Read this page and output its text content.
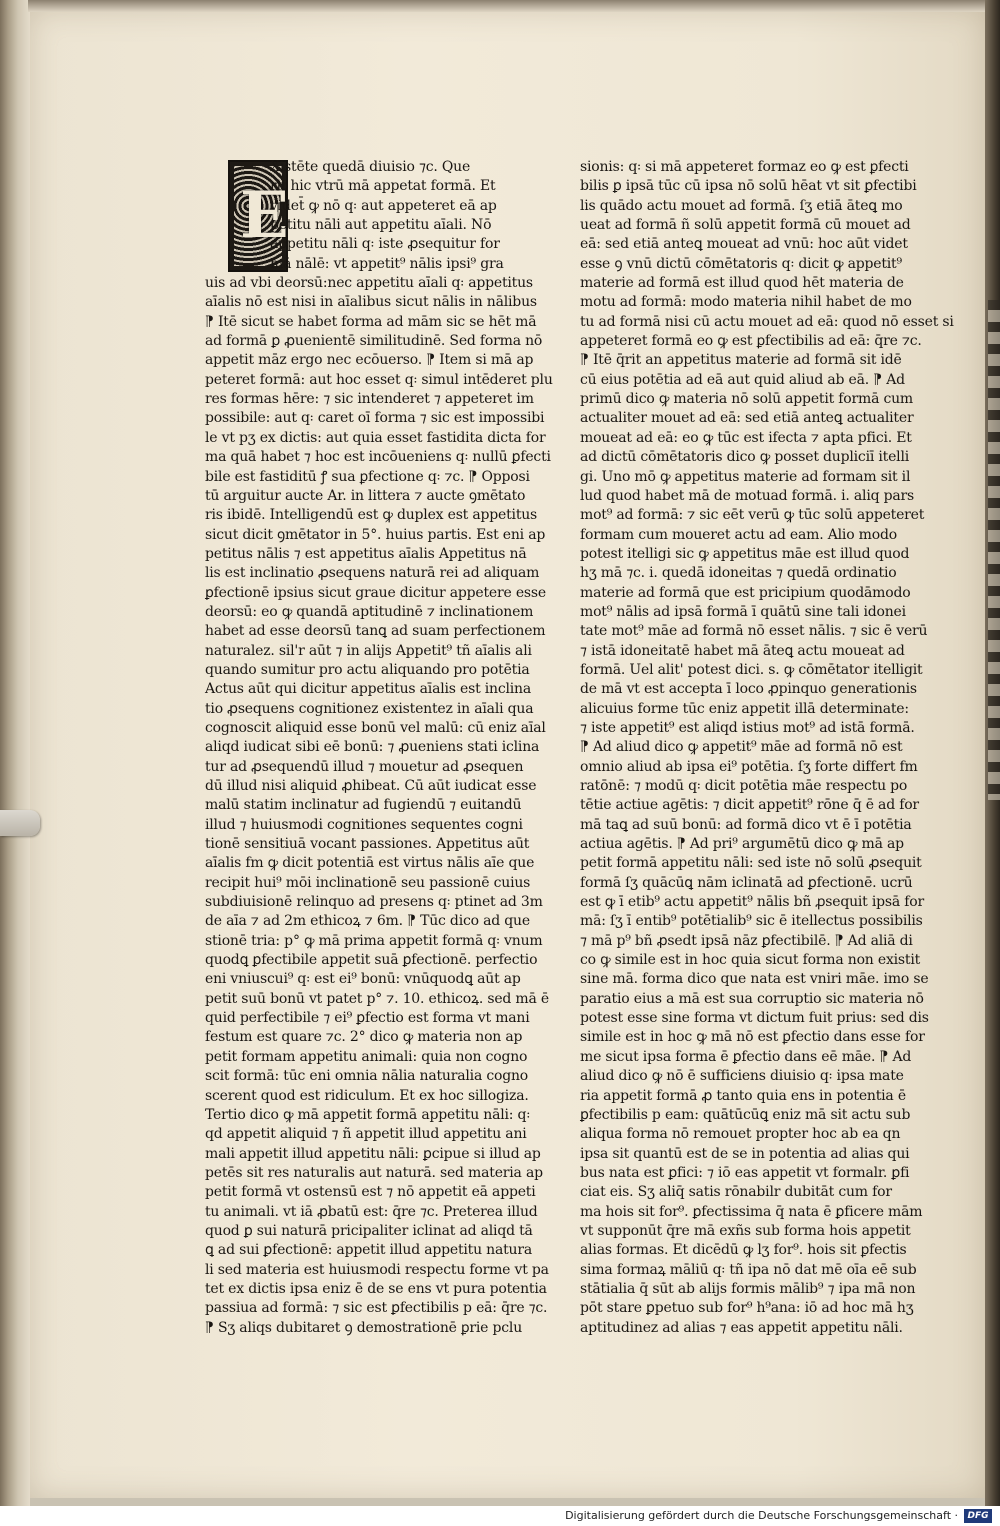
E
Xistēte quedā diuisio ⁊c. Que
rit hic vtrū mā appetat formā. Et
videt̄ ꝙ nō q꞉ aut appeteret eā ap
petitu nāli aut appetitu aīali. Nō
appetitu nāli q꞉ iste ꝓsequitur for
mā nālē: vt appetit⁹ nālis ipsi⁹ gra
uis ad vbi deorsū:nec appetitu aīali q꞉ appetitus
aīalis nō est nisi in aīalibus sicut nālis in nālibus
⁋ Itē sicut se habet forma ad mām sic se hēt mā
ad formā ꝑ ꝓuenientē similitudinē. Sed forma nō
appetit māz ergo nec ecōuerso. ⁋ Item si mā ap
peteret formā: aut hoc esset q꞉ simul intēderet plu
res formas hēre: ⁊ sic intenderet ⁊ appeteret im
possibile: aut q꞉ caret oī forma ⁊ sic est impossibi
le vt pʒ ex dictis: aut quia esset fastidita dicta for
ma quā habet ⁊ hoc est incōueniens q꞉ nullū ꝑfecti
bile est fastiditū ꝭ sua ꝑfectione q꞉ ⁊c. ⁋ Opposi
tū arguitur aucte Ar. in littera ⁊ aucte ꝯmētato
ris ibidē. Intelligendū est ꝙ duplex est appetitus
sicut dicit ꝯmētator in 5°. huius partis. Est eni ap
petitus nālis ⁊ est appetitus aīalis Appetitus nā
lis est inclinatio ꝓsequens naturā rei ad aliquam
ꝑfectionē ipsius sicut graue dicitur appetere esse
deorsū: eo ꝙ quandā aptitudinē ⁊ inclinationem
habet ad esse deorsū tanꝗ ad suam perfectionem
naturalez. sil'r aūt ⁊ in alijs Appetit⁹ tñ aīalis ali
quando sumitur pro actu aliquando pro potētia
Actus aūt qui dicitur appetitus aīalis est inclina
tio ꝓsequens cognitionez existentez in aīali qua
cognoscit aliquid esse bonū vel malū: cū eniz aīal
aliqd iudicat sibi eē bonū: ⁊ ꝓueniens stati iclina
tur ad ꝓsequendū illud ⁊ mouetur ad ꝓsequen
dū illud nisi aliquid ꝓhibeat. Cū aūt iudicat esse
malū statim inclinatur ad fugiendū ⁊ euitandū
illud ⁊ huiusmodi cognitiones sequentes cogni
tionē sensitiuā vocant passiones. Appetitus aūt
aīalis fm ꝙ dicit potentiā est virtus nālis aīe que
recipit hui⁹ mōi inclinationē seu passionē cuius
subdiuisionē relinquo ad presens q꞉ ptinet ad 3m
de aīa ⁊ ad 2m ethicoꝝ ⁊ 6m. ⁋ Tūc dico ad que
stionē tria: p° ꝙ mā prima appetit formā q꞉ vnum
quodꝗ ꝑfectibile appetit suā ꝑfectionē. perfectio
eni vniuscui⁹ q꞉ est ei⁹ bonū: vnūquodꝗ aūt ap
petit suū bonū vt patet p° ⁊. 10. ethicoꝝ. sed mā ē
quid perfectibile ⁊ ei⁹ ꝑfectio est forma vt mani
festum est quare ⁊c. 2° dico ꝙ materia non ap
petit formam appetitu animali: quia non cogno
scit formā: tūc eni omnia nālia naturalia cogno
scerent quod est ridiculum. Et ex hoc sillogiza.
Tertio dico ꝙ mā appetit formā appetitu nāli: q꞉
qd appetit aliquid ⁊ ñ appetit illud appetitu ani
mali appetit illud appetitu nāli: ꝑcipue si illud ap
petēs sit res naturalis aut naturā. sed materia ap
petit formā vt ostensū est ⁊ nō appetit eā appeti
tu animali. vt iā ꝓbatū est: q̄re ⁊c. Preterea illud
quod ꝑ sui naturā pricipaliter iclinat ad aliqd tā
ꝗ ad sui ꝑfectionē: appetit illud appetitu natura
li sed materia est huiusmodi respectu forme vt pa
tet ex dictis ipsa eniz ē de se ens vt pura potentia
passiua ad formā: ⁊ sic est ꝑfectibilis p eā: q̄re ⁊c.
⁋ Sʒ aliqs dubitaret ꝯ demostrationē ꝑrie pclu
sionis: q꞉ si mā appeteret formaz eo ꝙ est ꝑfecti
bilis ꝑ ipsā tūc cū ipsa nō solū hēat vt sit ꝑfectibi
lis quādo actu mouet ad formā. ſʒ etiā āteꝗ mo
ueat ad formā ñ solū appetit formā cū mouet ad
eā: sed etiā anteꝗ moueat ad vnū: hoc aūt videt
esse ꝯ vnū dictū cōmētatoris q꞉ dicit ꝙ appetit⁹
materie ad formā est illud quod hēt materia de
motu ad formā: modo materia nihil habet de mo
tu ad formā nisi cū actu mouet ad eā: quod nō esset si
appeteret formā eo ꝙ est ꝑfectibilis ad eā: q̄re ⁊c.
⁋ Itē q̄rit an appetitus materie ad formā sit idē
cū eius potētia ad eā aut quid aliud ab eā. ⁋ Ad
primū dico ꝙ materia nō solū appetit formā cum
actualiter mouet ad eā: sed etiā anteꝗ actualiter
moueat ad eā: eo ꝙ tūc est ifecta ⁊ apta pfici. Et
ad dictū cōmētatoris dico ꝙ posset dupliciī itelli
gi. Uno mō ꝙ appetitus materie ad formam sit il
lud quod habet mā de motuad formā. i. aliq pars
mot⁹ ad formā: ⁊ sic eēt verū ꝙ tūc solū appeteret
formam cum moueret actu ad eam. Alio modo
potest itelligi sic ꝙ appetitus māe est illud quod
hʒ mā ⁊c. i. quedā idoneitas ⁊ quedā ordinatio
materie ad formā que est pricipium quodāmodo
mot⁹ nālis ad ipsā formā ī quātū sine tali idonei
tate mot⁹ māe ad formā nō esset nālis. ⁊ sic ē verū
⁊ istā idoneitatē habet mā āteꝗ actu moueat ad
formā. Uel alit' potest dici. s. ꝙ cōmētator itelligit
de mā vt est accepta ī loco ꝓpinquo generationis
alicuius forme tūc eniz appetit illā determinate:
⁊ iste appetit⁹ est aliqd istius mot⁹ ad istā formā.
⁋ Ad aliud dico ꝙ appetit⁹ māe ad formā nō est
omnio aliud ab ipsa ei⁹ potētia. ſʒ forte differt fm
ratōnē: ⁊ modū q꞉ dicit potētia māe respectu po
tētie actiue agētis: ⁊ dicit appetit⁹ rōne q̄ ē ad for
mā taꝗ ad suū bonū: ad formā dico vt ē ī potētia
actiua agētis. ⁋ Ad pri⁹ argumētū dico ꝙ mā ap
petit formā appetitu nāli: sed iste nō solū ꝓsequit
formā ſʒ quācūꝗ nām iclinatā ad ꝑfectionē. ucrū
est ꝙ ī etib⁹ actu appetit⁹ nālis bñ ꝓsequit ipsā for
mā: ſʒ ī entib⁹ potētialib⁹ sic ē itellectus possibilis
⁊ mā p⁹ bñ ꝓsedt ipsā nāz ꝑfectibilē. ⁋ Ad aliā di
co ꝙ simile est in hoc quia sicut forma non existit
sine mā. forma dico que nata est vniri māe. imo se
paratio eius a mā est sua corruptio sic materia nō
potest esse sine forma vt dictum fuit prius: sed dis
simile est in hoc ꝙ mā nō est ꝑfectio dans esse for
me sicut ipsa forma ē ꝑfectio dans eē māe. ⁋ Ad
aliud dico ꝙ nō ē sufficiens diuisio q꞉ ipsa mate
ria appetit formā ꝓ tanto quia ens in potentia ē
ꝑfectibilis p eam: quātūcūꝗ eniz mā sit actu sub
aliqua forma nō remouet propter hoc ab ea qn
ipsa sit quantū est de se in potentia ad alias qui
bus nata est ꝑfici: ⁊ iō eas appetit vt formalr. ꝑfi
ciat eis. Sʒ aliq̄ satis rōnabilr dubitāt cum for
ma hois sit for⁹. ꝑfectissima q̄ nata ē ꝑficere mām
vt supponūt q̄re mā exñs sub forma hois appetit
alias formas. Et dicēdū ꝙ lʒ for⁹. hois sit ꝑfectis
sima formaꝝ māliū q꞉ tñ ipa nō dat mē oīa eē sub
stātialia q̄ sūt ab alijs formis mālib⁹ ⁊ ipa mā non
pōt stare ꝑpetuo sub for⁹ h⁹ana: iō ad hoc mā hʒ
aptitudinez ad alias ⁊ eas appetit appetitu nāli.
Digitalisierung gefördert durch die Deutsche Forschungsgemeinschaft ·	DFG
